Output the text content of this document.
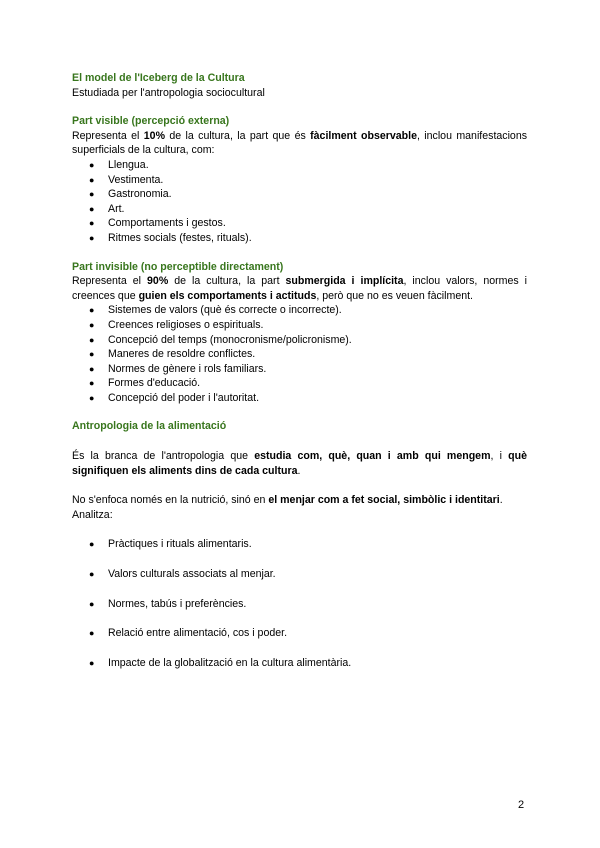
El model de l'Iceberg de la Cultura

Estudiada per l'antropologia sociocultural

Part visible (percepció externa)

Representa el 10% de la cultura, la part que és fàcilment observable, inclou manifestacions superficials de la cultura, com:

● Llengua.
● Vestimenta.
● Gastronomia.
● Art.
● Comportaments i gestos.
● Ritmes socials (festes, rituals).

Part invisible (no perceptible directament)

Representa el 90% de la cultura, la part submergida i implícita, inclou valors, normes i creences que guien els comportaments i actituds, però que no es veuen fàcilment.

● Sistemes de valors (què és correcte o incorrecte).
● Creences religioses o espirituals.
● Concepció del temps (monocronisme/policronisme).
● Maneres de resoldre conflictes.
● Normes de gènere i rols familiars.
● Formes d'educació.
● Concepció del poder i l'autoritat.

Antropologia de la alimentació

És la branca de l'antropologia que estudia com, què, quan i amb qui mengem, i què signifiquen els aliments dins de cada cultura.

No s'enfoca només en la nutrició, sinó en el menjar com a fet social, simbòlic i identitari. Analitza:

● Pràctiques i rituals alimentaris.
● Valors culturals associats al menjar.
● Normes, tabús i preferències.
● Relació entre alimentació, cos i poder.
● Impacte de la globalització en la cultura alimentària.
2
